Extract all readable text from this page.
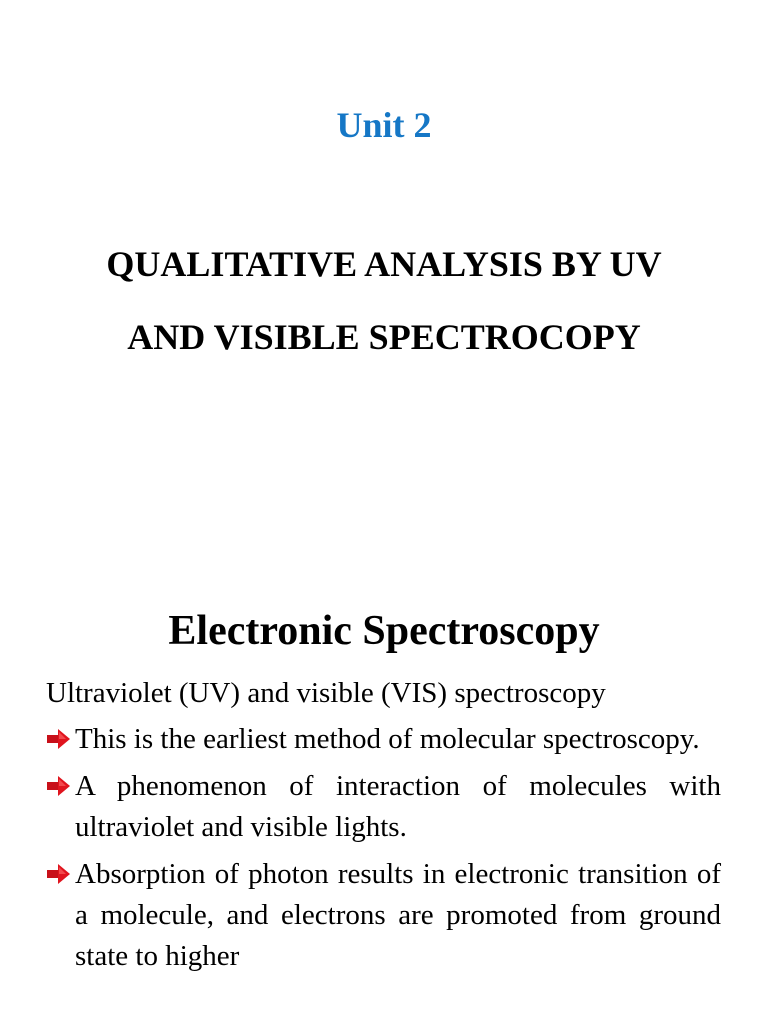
Unit 2
QUALITATIVE ANALYSIS BY UV
AND VISIBLE SPECTROCOPY
Electronic Spectroscopy
Ultraviolet (UV) and visible (VIS) spectroscopy
This is the earliest method of molecular spectroscopy.
A phenomenon of interaction of molecules with ultraviolet and visible lights.
Absorption of photon results in electronic transition of a molecule, and electrons are promoted from ground state to higher
